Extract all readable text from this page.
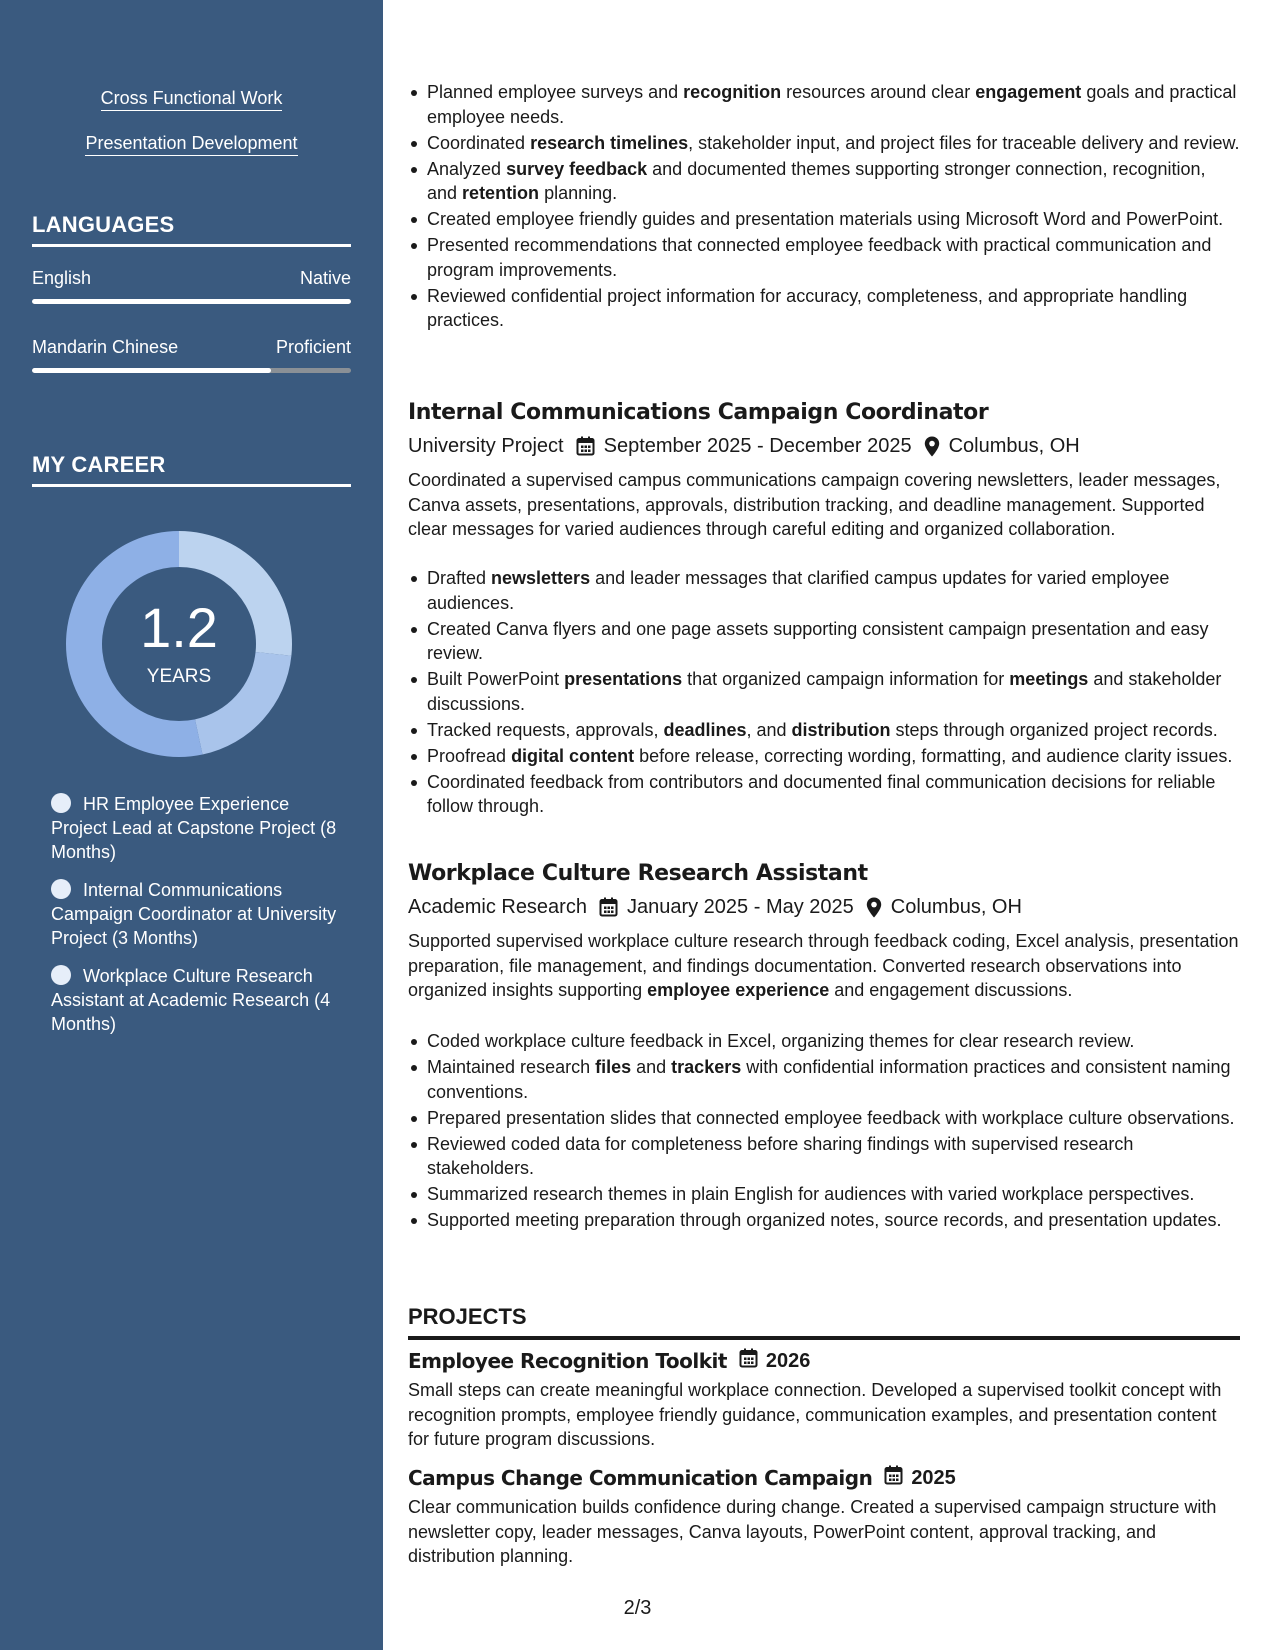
Cross Functional Work
Presentation Development
LANGUAGES
English	Native
Mandarin Chinese	Proficient
MY CAREER
1.2
YEARS
HR Employee Experience Project Lead at Capstone Project (8 Months)
Internal Communications Campaign Coordinator at University Project (3 Months)
Workplace Culture Research Assistant at Academic Research (4 Months)
Planned employee surveys and recognition resources around clear engagement goals and practical employee needs.
Coordinated research timelines, stakeholder input, and project files for traceable delivery and review.
Analyzed survey feedback and documented themes supporting stronger connection, recognition, and retention planning.
Created employee friendly guides and presentation materials using Microsoft Word and PowerPoint.
Presented recommendations that connected employee feedback with practical communication and program improvements.
Reviewed confidential project information for accuracy, completeness, and appropriate handling practices.
Internal Communications Campaign Coordinator
University Project September 2025 - December 2025 Columbus, OH
Coordinated a supervised campus communications campaign covering newsletters, leader messages, Canva assets, presentations, approvals, distribution tracking, and deadline management. Supported clear messages for varied audiences through careful editing and organized collaboration.
Drafted newsletters and leader messages that clarified campus updates for varied employee audiences.
Created Canva flyers and one page assets supporting consistent campaign presentation and easy review.
Built PowerPoint presentations that organized campaign information for meetings and stakeholder discussions.
Tracked requests, approvals, deadlines, and distribution steps through organized project records.
Proofread digital content before release, correcting wording, formatting, and audience clarity issues.
Coordinated feedback from contributors and documented final communication decisions for reliable follow through.
Workplace Culture Research Assistant
Academic Research January 2025 - May 2025 Columbus, OH
Supported supervised workplace culture research through feedback coding, Excel analysis, presentation preparation, file management, and findings documentation. Converted research observations into organized insights supporting employee experience and engagement discussions.
Coded workplace culture feedback in Excel, organizing themes for clear research review.
Maintained research files and trackers with confidential information practices and consistent naming conventions.
Prepared presentation slides that connected employee feedback with workplace culture observations.
Reviewed coded data for completeness before sharing findings with supervised research stakeholders.
Summarized research themes in plain English for audiences with varied workplace perspectives.
Supported meeting preparation through organized notes, source records, and presentation updates.
PROJECTS
Employee Recognition Toolkit 2026
Small steps can create meaningful workplace connection. Developed a supervised toolkit concept with recognition prompts, employee friendly guidance, communication examples, and presentation content for future program discussions.
Campus Change Communication Campaign 2025
Clear communication builds confidence during change. Created a supervised campaign structure with newsletter copy, leader messages, Canva layouts, PowerPoint content, approval tracking, and distribution planning.
2/3
